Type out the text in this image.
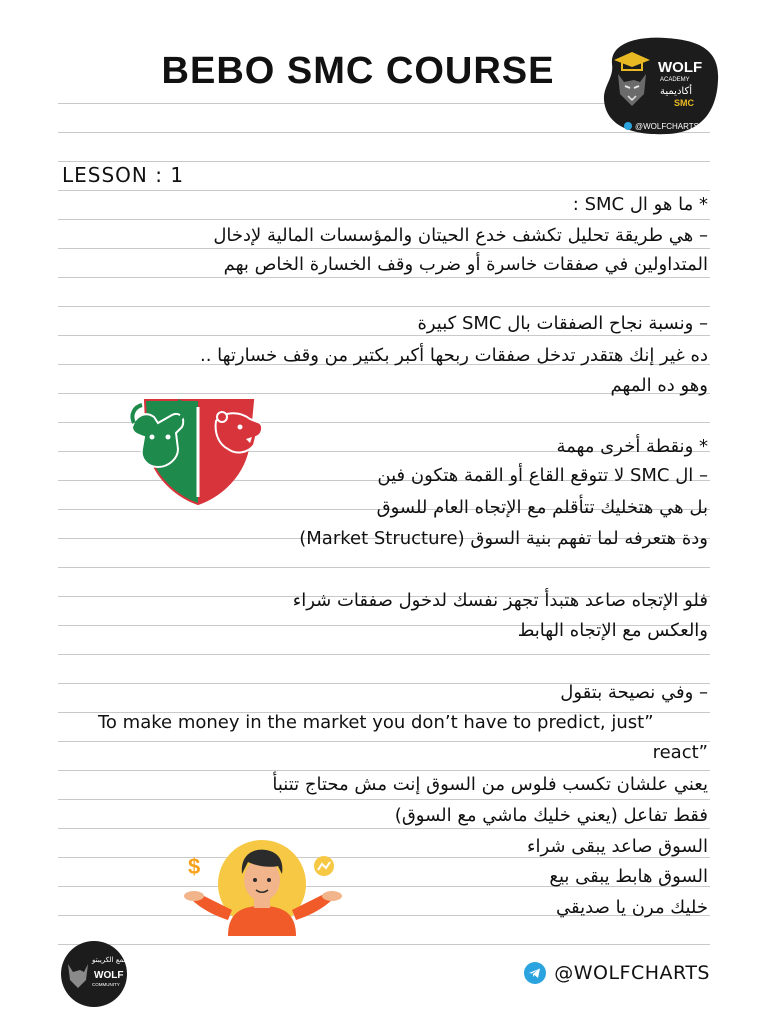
BEBO SMC COURSE	WOLF
ACADEMY
أكاديمية
SMC
@WOLFCHARTS
LESSON : 1
* ما هو ال SMC :
– هي طريقة تحليل تكشف خدع الحيتان والمؤسسات المالية لإدخال
المتداولين في صفقات خاسرة أو ضرب وقف الخسارة الخاص بهم
– ونسبة نجاح الصفقات بال SMC كبيرة
ده غير إنك هتقدر تدخل صفقات ربحها أكبر بكتير من وقف خسارتها ..
وهو ده المهم
* ونقطة أخرى مهمة
– ال SMC لا تتوقع القاع أو القمة هتكون فين
بل هي هتخليك تتأقلم مع الإتجاه العام للسوق
ودة هتعرفه لما تفهم بنية السوق (Market Structure)
فلو الإتجاه صاعد هتبدأ تجهز نفسك لدخول صفقات شراء
والعكس مع الإتجاه الهابط
– وفي نصيحة بتقول
To make money in the market you don’t have to predict, just”
”react
يعني علشان تكسب فلوس من السوق إنت مش محتاج تتنبأ
فقط تفاعل (يعني خليك ماشي مع السوق)
السوق صاعد يبقى شراء
السوق هابط يبقى بيع
خليك مرن يا صديقي
$
مجتمع الكريبتو
WOLF
COMMUNITY
@WOLFCHARTS
